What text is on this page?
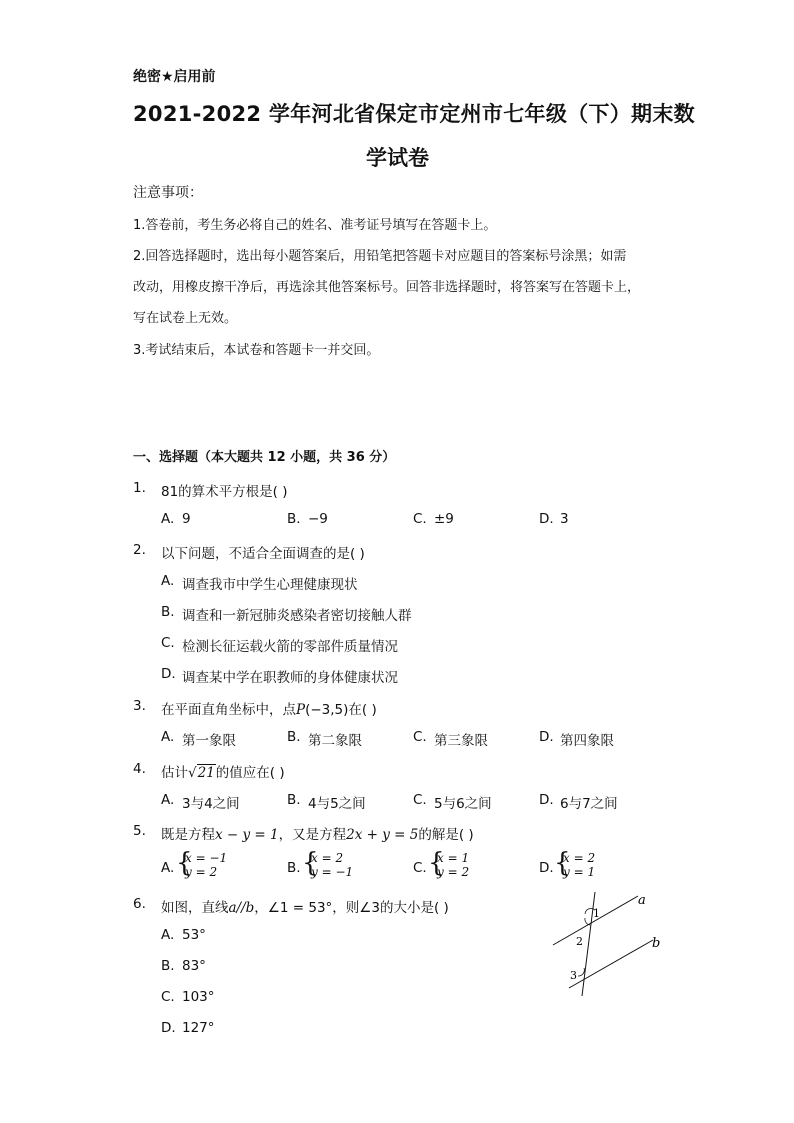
绝密★启用前
2021-2022 学年河北省保定市定州市七年级（下）期末数
学试卷
注意事项：
1.答卷前，考生务必将自己的姓名、准考证号填写在答题卡上。
2.回答选择题时，选出每小题答案后，用铅笔把答题卡对应题目的答案标号涂黑；如需
改动，用橡皮擦干净后，再选涂其他答案标号。回答非选择题时，将答案写在答题卡上，
写在试卷上无效。
3.考试结束后，本试卷和答题卡一并交回。
一、选择题（本大题共 12 小题，共 36 分）
1. 81的算术平方根是( )
A. 9	B. −9	C. ±9	D. 3
2. 以下问题，不适合全面调查的是( )
A. 调查我市中学生心理健康现状
B. 调查和一新冠肺炎感染者密切接触人群
C. 检测长征运载火箭的零部件质量情况
D. 调查某中学在职教师的身体健康状况
3. 在平面直角坐标中，点P(−3,5)在( )
A. 第一象限	B. 第二象限	C. 第三象限	D. 第四象限
4. 估计√21的值应在( )
A. 3与4之间	B. 4与5之间	C. 5与6之间	D. 6与7之间
5. 既是方程x − y = 1，又是方程2x + y = 5的解是( )
A. {
x = −1
y = 2	B. {
x = 2
y = −1	C. {
x = 1
y = 2	D. {
x = 2
y = 1
6. 如图，直线a//b，∠1 = 53°，则∠3的大小是( )
A. 53°
B. 83°
C. 103°
D. 127°
a
b
1
2
3
